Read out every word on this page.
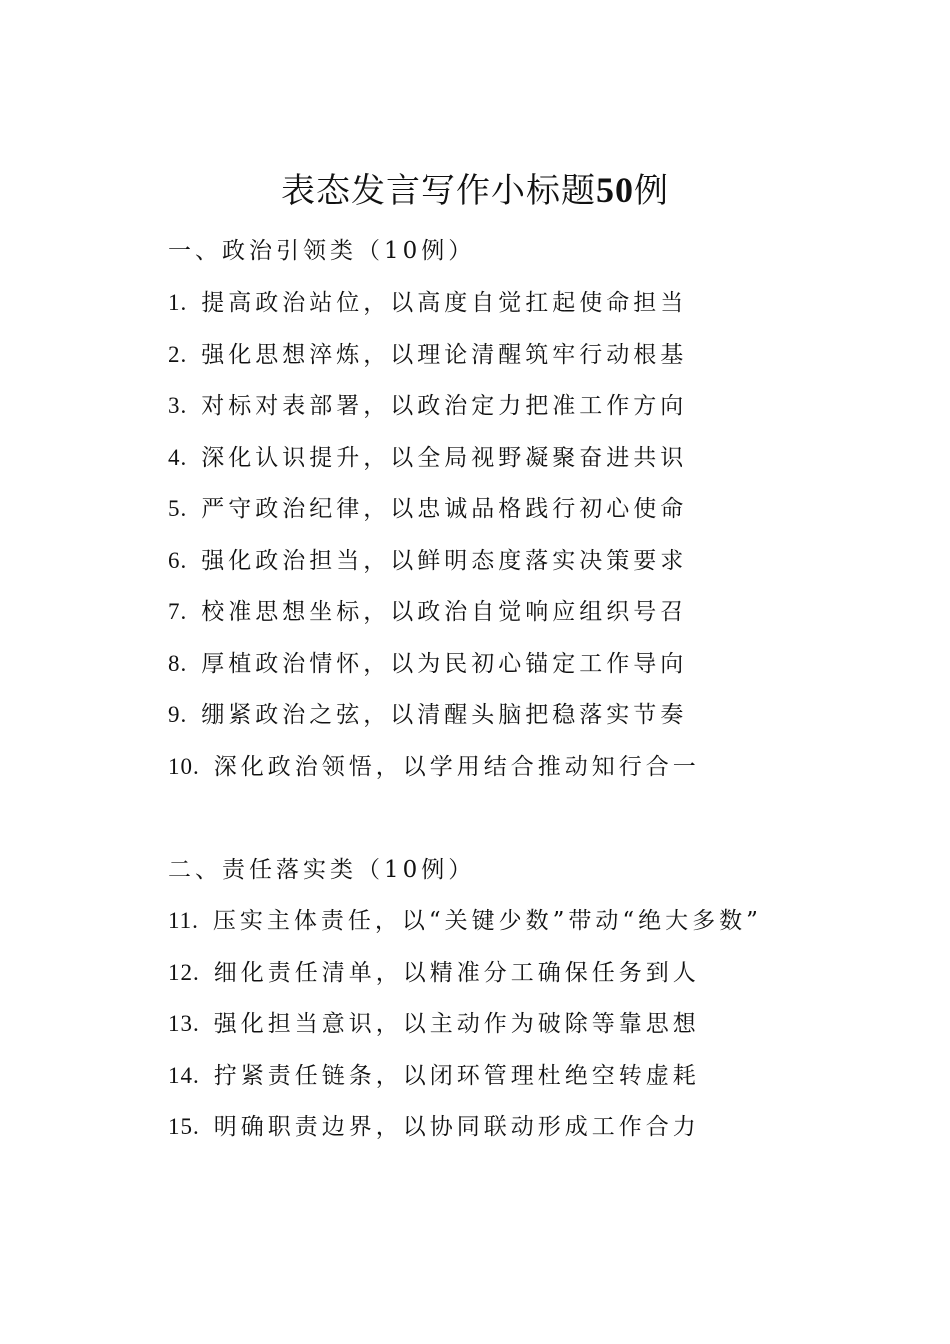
表态发言写作小标题50例
一、政治引领类（10例）
1. 提高政治站位，以高度自觉扛起使命担当
2. 强化思想淬炼，以理论清醒筑牢行动根基
3. 对标对表部署，以政治定力把准工作方向
4. 深化认识提升，以全局视野凝聚奋进共识
5. 严守政治纪律，以忠诚品格践行初心使命
6. 强化政治担当，以鲜明态度落实决策要求
7. 校准思想坐标，以政治自觉响应组织号召
8. 厚植政治情怀，以为民初心锚定工作导向
9. 绷紧政治之弦，以清醒头脑把稳落实节奏
10. 深化政治领悟，以学用结合推动知行合一
二、责任落实类（10例）
11. 压实主体责任，以“关键少数”带动“绝大多数”
12. 细化责任清单，以精准分工确保任务到人
13. 强化担当意识，以主动作为破除等靠思想
14. 拧紧责任链条，以闭环管理杜绝空转虚耗
15. 明确职责边界，以协同联动形成工作合力
